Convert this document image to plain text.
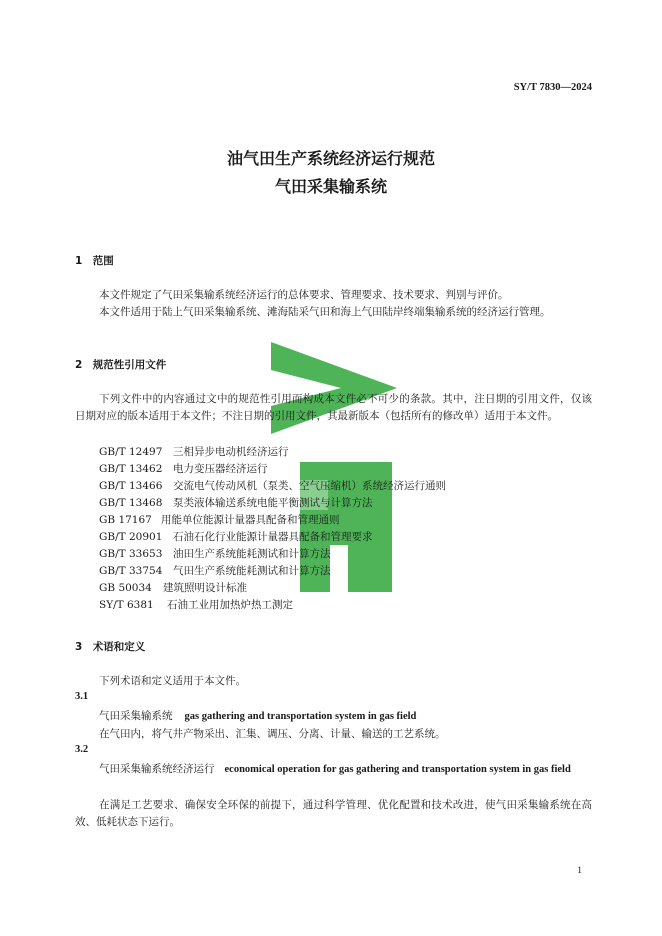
SY/T 7830—2024
油气田生产系统经济运行规范
气田采集输系统
1　范围
本文件规定了气田采集输系统经济运行的总体要求、管理要求、技术要求、判别与评价。
本文件适用于陆上气田采集输系统、滩海陆采气田和海上气田陆岸终端集输系统的经济运行管理。
2　规范性引用文件
下列文件中的内容通过文中的规范性引用而构成本文件必不可少的条款。其中，注日期的引用文件，仅该日期对应的版本适用于本文件；不注日期的引用文件，其最新版本（包括所有的修改单）适用于本文件。
GB/T 12497 三相异步电动机经济运行
GB/T 13462 电力变压器经济运行
GB/T 13466 交流电气传动风机（泵类、空气压缩机）系统经济运行通则
GB/T 13468 泵类液体输送系统电能平衡测试与计算方法
GB 17167 用能单位能源计量器具配备和管理通则
GB/T 20901 石油石化行业能源计量器具配备和管理要求
GB/T 33653 油田生产系统能耗测试和计算方法
GB/T 33754 气田生产系统能耗测试和计算方法
GB 50034 建筑照明设计标准
SY/T 6381 石油工业用加热炉热工测定
3　术语和定义
下列术语和定义适用于本文件。
3.1
气田采集输系统 gas gathering and transportation system in gas field
在气田内，将气井产物采出、汇集、调压、分离、计量、输送的工艺系统。
3.2
气田采集输系统经济运行 economical operation for gas gathering and transportation system in gas field
在满足工艺要求、确保安全环保的前提下，通过科学管理、优化配置和技术改进，使气田采集输系统在高效、低耗状态下运行。
1
